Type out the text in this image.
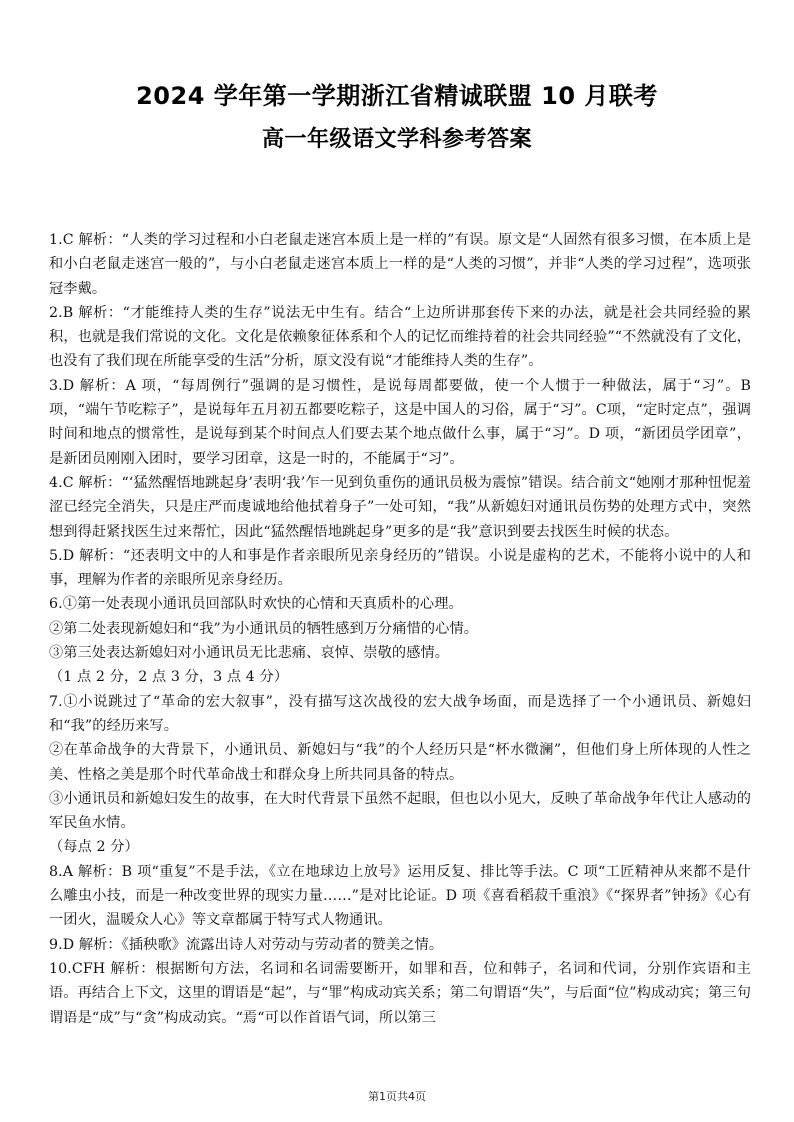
2024 学年第一学期浙江省精诚联盟 10 月联考
高一年级语文学科参考答案

1.C 解析：“人类的学习过程和小白老鼠走迷宫本质上是一样的”有误。原文是“人固然有很多习惯，在本质上是和小白老鼠走迷宫一般的”，与小白老鼠走迷宫本质上一样的是“人类的习惯”，并非“人类的学习过程”，选项张冠李戴。

2.B 解析：“才能维持人类的生存”说法无中生有。结合“上边所讲那套传下来的办法，就是社会共同经验的累积，也就是我们常说的文化。文化是依赖象征体系和个人的记忆而维持着的社会共同经验”“不然就没有了文化，也没有了我们现在所能享受的生活”分析，原文没有说“才能维持人类的生存”。

3.D 解析：A 项，“每周例行”强调的是习惯性，是说每周都要做，使一个人惯于一种做法，属于“习”。B项，“端午节吃粽子”，是说每年五月初五都要吃粽子，这是中国人的习俗，属于“习”。C项，“定时定点”，强调时间和地点的惯常性，是说每到某个时间点人们要去某个地点做什么事，属于“习”。D 项，“新团员学团章”，是新团员刚刚入团时，要学习团章，这是一时的，不能属于“习”。

4.C 解析：“‘猛然醒悟地跳起身’表明‘我’乍一见到负重伤的通讯员极为震惊”错误。结合前文“她刚才那种忸怩羞涩已经完全消失，只是庄严而虔诚地给他拭着身子”一处可知，“我”从新媳妇对通讯员伤势的处理方式中，突然想到得赶紧找医生过来帮忙，因此“猛然醒悟地跳起身”更多的是“我”意识到要去找医生时候的状态。

5.D 解析：“还表明文中的人和事是作者亲眼所见亲身经历的”错误。小说是虚构的艺术，不能将小说中的人和事，理解为作者的亲眼所见亲身经历。

6.①第一处表现小通讯员回部队时欢快的心情和天真质朴的心理。

②第二处表现新媳妇和“我”为小通讯员的牺牲感到万分痛惜的心情。

③第三处表达新媳妇对小通讯员无比悲痛、哀悼、崇敬的感情。

（1 点 2 分，2 点 3 分，3 点 4 分）

7.①小说跳过了“革命的宏大叙事”，没有描写这次战役的宏大战争场面，而是选择了一个小通讯员、新媳妇和“我”的经历来写。

②在革命战争的大背景下，小通讯员、新媳妇与“我”的个人经历只是“杯水微澜”，但他们身上所体现的人性之美、性格之美是那个时代革命战士和群众身上所共同具备的特点。

③小通讯员和新媳妇发生的故事，在大时代背景下虽然不起眼，但也以小见大，反映了革命战争年代让人感动的军民鱼水情。

（每点 2 分）

8.A 解析：B 项“重复”不是手法，《立在地球边上放号》运用反复、排比等手法。C 项“工匠精神从来都不是什么雕虫小技，而是一种改变世界的现实力量……”是对比论证。D 项《喜看稻菽千重浪》《“探界者”钟扬》《心有一团火，温暖众人心》等文章都属于特写式人物通讯。

9.D 解析：《插秧歌》流露出诗人对劳动与劳动者的赞美之情。

10.CFH 解析：根据断句方法，名词和名词需要断开，如罪和吾，位和韩子，名词和代词，分别作宾语和主语。再结合上下文，这里的谓语是“起”，与“罪”构成动宾关系；第二句谓语“失”，与后面“位”构成动宾；第三句谓语是“成”与“贪”构成动宾。“焉“可以作首语气词，所以第三

第1页共4页
